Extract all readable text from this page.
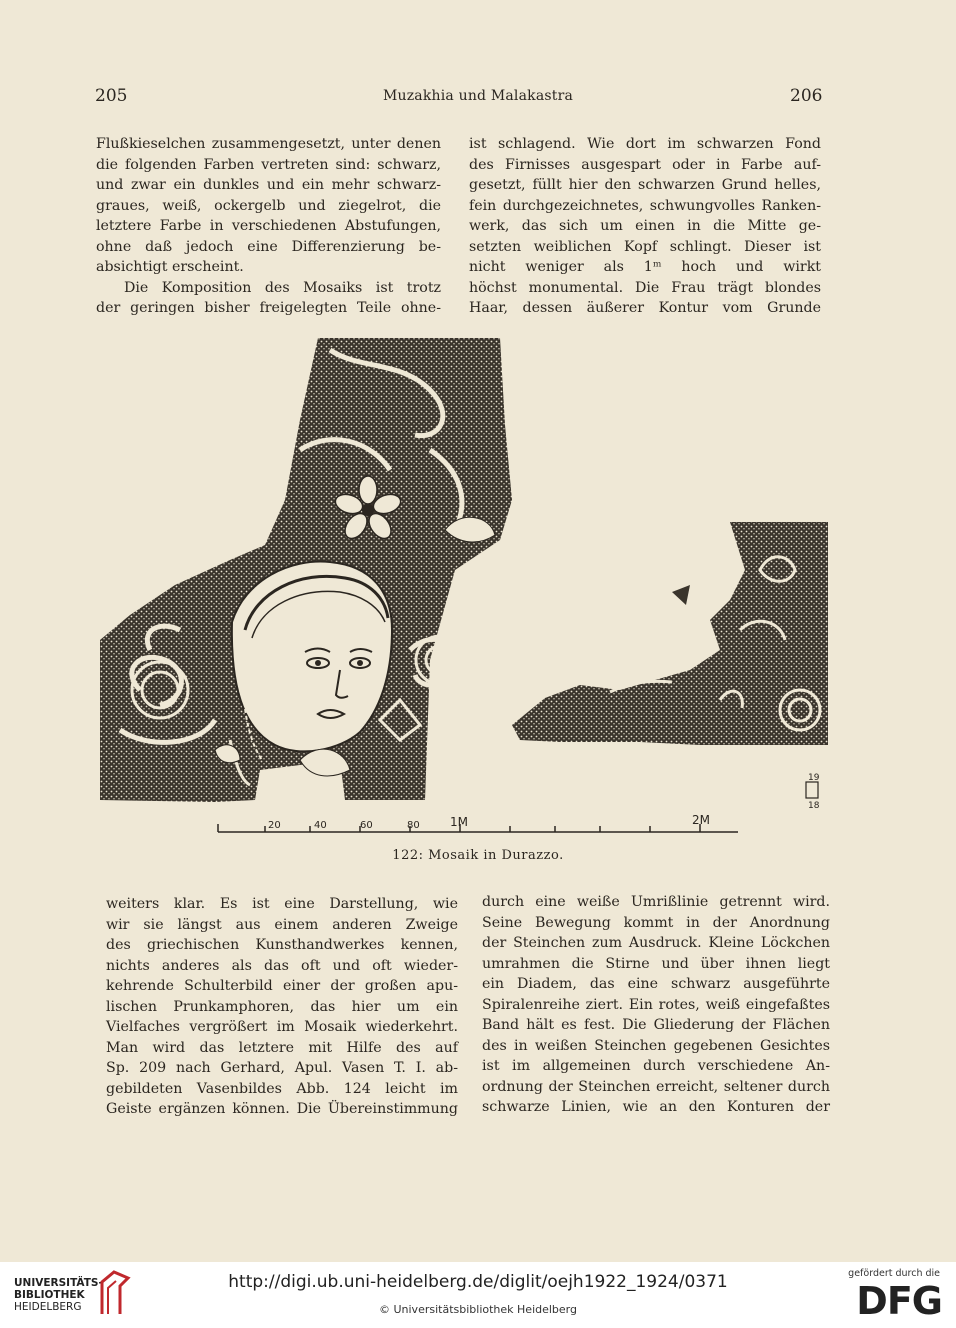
205	Muzakhia und Malakastra	206
Flußkieselchen zusammengesetzt, unter denen
die folgenden Farben vertreten sind: schwarz,
und zwar ein dunkles und ein mehr schwarz-
graues, weiß, ockergelb und ziegelrot, die
letztere Farbe in verschiedenen Abstufungen,
ohne daß jedoch eine Differenzierung be-
absichtigt erscheint.
Die Komposition des Mosaiks ist trotz
der geringen bisher freigelegten Teile ohne-
ist schlagend. Wie dort im schwarzen Fond
des Firnisses ausgespart oder in Farbe auf-
gesetzt, füllt hier den schwarzen Grund helles,
fein durchgezeichnetes, schwungvolles Ranken-
werk, das sich um einen in die Mitte ge-
setzten weiblichen Kopf schlingt. Dieser ist
nicht weniger als 1ᵐ hoch und wirkt
höchst monumental. Die Frau trägt blondes
Haar, dessen äußerer Kontur vom Grunde
20	40	60	80	1M	2M
19
18
122: Mosaik in Durazzo.
weiters klar. Es ist eine Darstellung, wie
wir sie längst aus einem anderen Zweige
des griechischen Kunsthandwerkes kennen,
nichts anderes als das oft und oft wieder-
kehrende Schulterbild einer der großen apu-
lischen Prunkamphoren, das hier um ein
Vielfaches vergrößert im Mosaik wiederkehrt.
Man wird das letztere mit Hilfe des auf
Sp. 209 nach Gerhard, Apul. Vasen T. I. ab-
gebildeten Vasenbildes Abb. 124 leicht im
Geiste ergänzen können. Die Übereinstimmung
durch eine weiße Umrißlinie getrennt wird.
Seine Bewegung kommt in der Anordnung
der Steinchen zum Ausdruck. Kleine Löckchen
umrahmen die Stirne und über ihnen liegt
ein Diadem, das eine schwarz ausgeführte
Spiralenreihe ziert. Ein rotes, weiß eingefaßtes
Band hält es fest. Die Gliederung der Flächen
des in weißen Steinchen gegebenen Gesichtes
ist im allgemeinen durch verschiedene An-
ordnung der Steinchen erreicht, seltener durch
schwarze Linien, wie an den Konturen der
UNIVERSITÄTS-
BIBLIOTHEK
HEIDELBERG
http://digi.ub.uni-heidelberg.de/diglit/oejh1922_1924/0371
© Universitätsbibliothek Heidelberg
gefördert durch die
DFG
